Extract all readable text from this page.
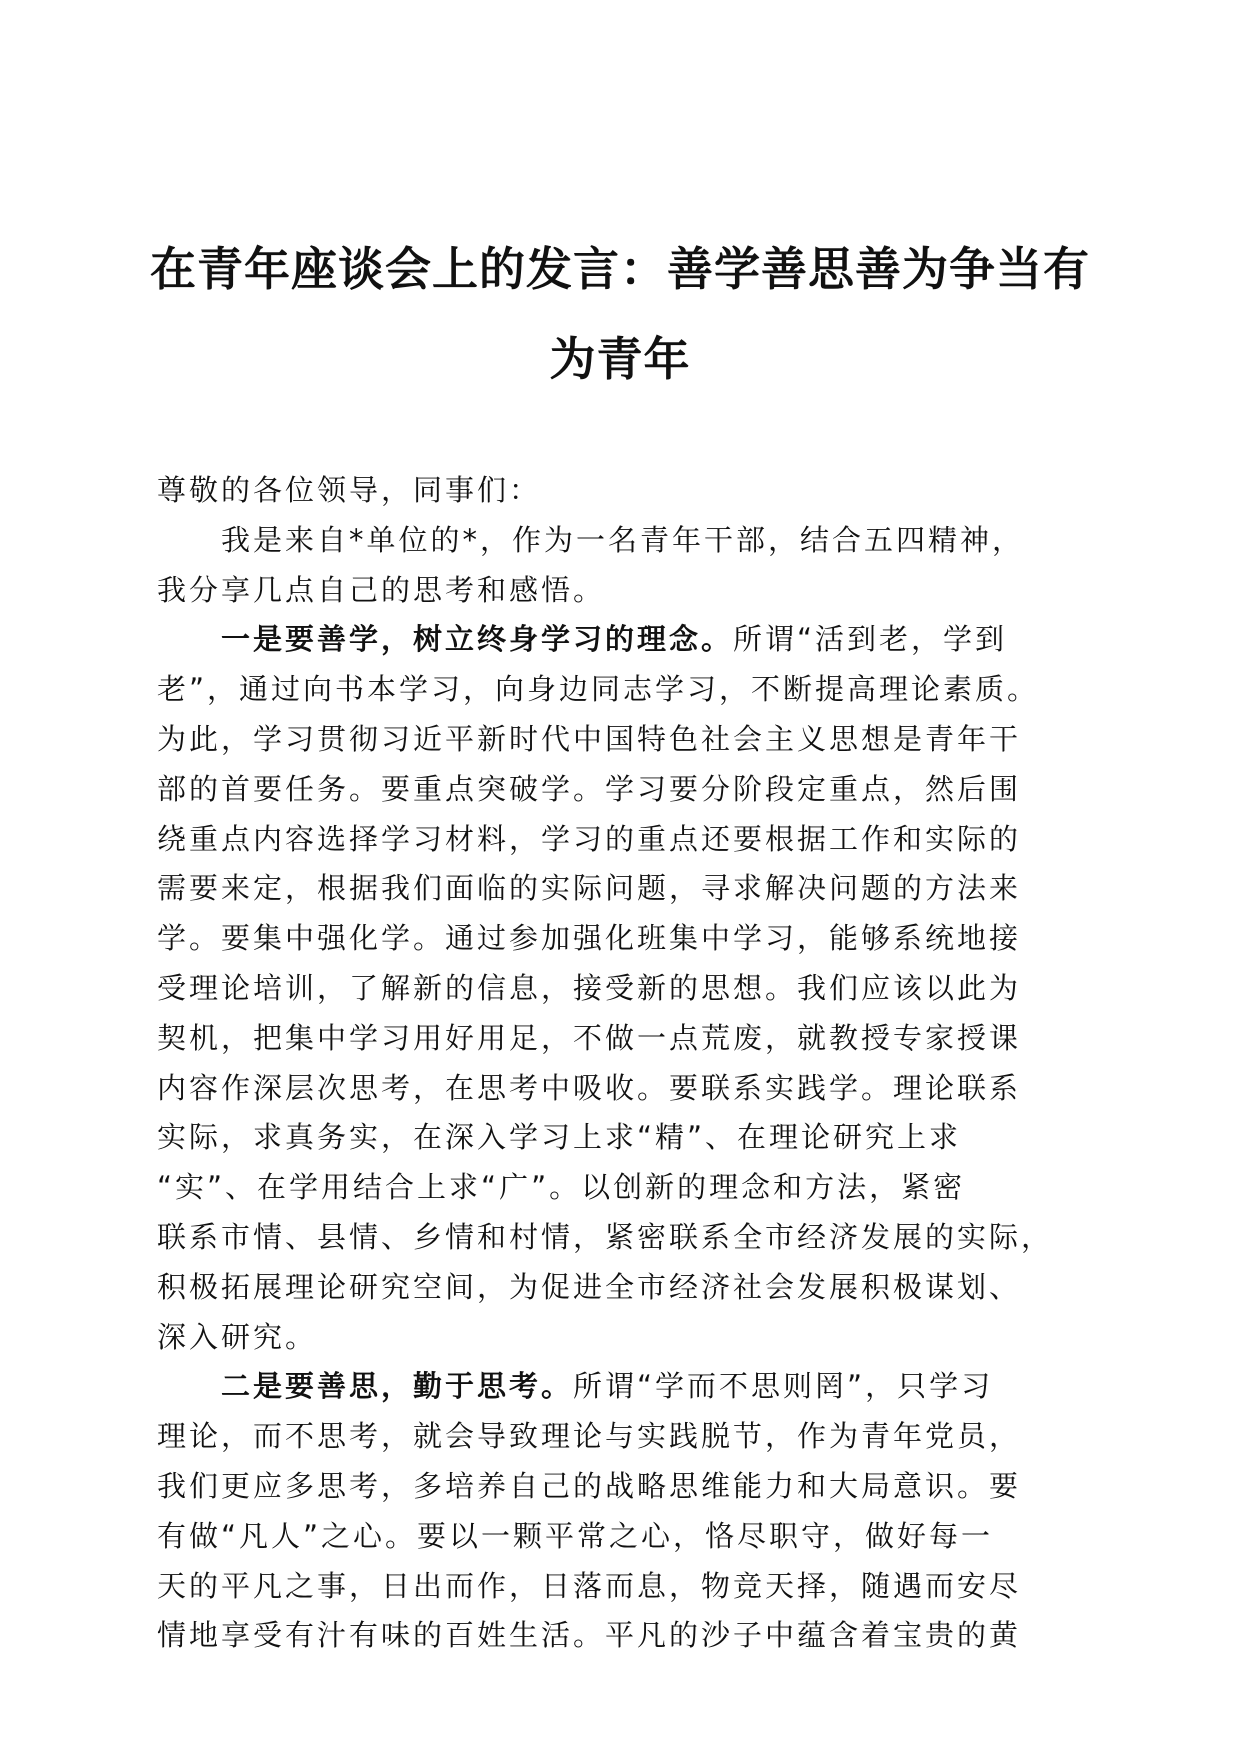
在青年座谈会上的发言：善学善思善为争当有
为青年
尊敬的各位领导，同事们：
我是来自*单位的*，作为一名青年干部，结合五四精神，
我分享几点自己的思考和感悟。
一是要善学，树立终身学习的理念。所谓“活到老，学到
老”，通过向书本学习，向身边同志学习，不断提高理论素质。
为此，学习贯彻习近平新时代中国特色社会主义思想是青年干
部的首要任务。要重点突破学。学习要分阶段定重点，然后围
绕重点内容选择学习材料，学习的重点还要根据工作和实际的
需要来定，根据我们面临的实际问题，寻求解决问题的方法来
学。要集中强化学。通过参加强化班集中学习，能够系统地接
受理论培训，了解新的信息，接受新的思想。我们应该以此为
契机，把集中学习用好用足，不做一点荒废，就教授专家授课
内容作深层次思考，在思考中吸收。要联系实践学。理论联系
实际，求真务实，在深入学习上求“精”、在理论研究上求
“实”、在学用结合上求“广”。以创新的理念和方法，紧密
联系市情、县情、乡情和村情，紧密联系全市经济发展的实际，
积极拓展理论研究空间，为促进全市经济社会发展积极谋划、
深入研究。
二是要善思，勤于思考。所谓“学而不思则罔”，只学习
理论，而不思考，就会导致理论与实践脱节，作为青年党员，
我们更应多思考，多培养自己的战略思维能力和大局意识。要
有做“凡人”之心。要以一颗平常之心，恪尽职守，做好每一
天的平凡之事，日出而作，日落而息，物竞天择，随遇而安尽
情地享受有汁有味的百姓生活。平凡的沙子中蕴含着宝贵的黄
